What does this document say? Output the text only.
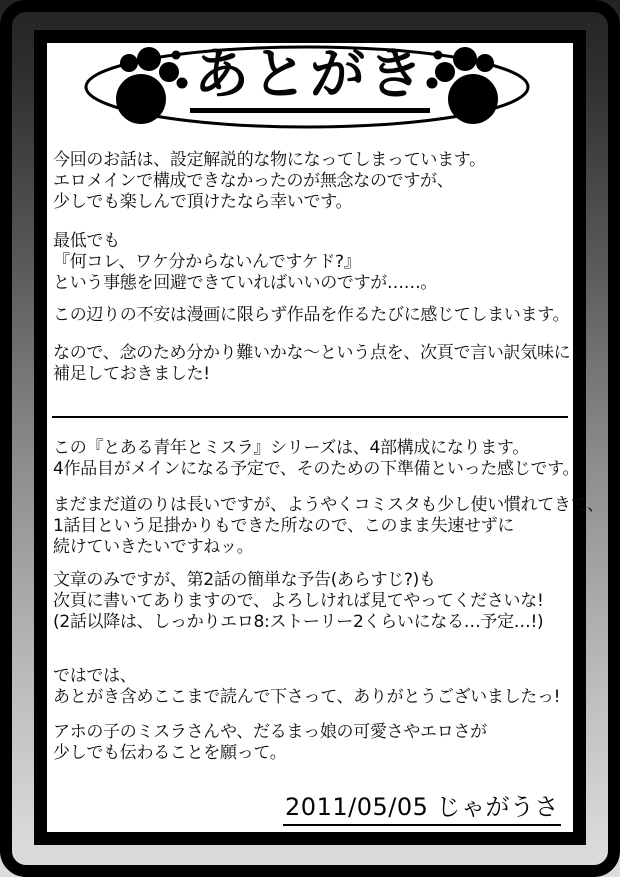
あとがき
今回のお話は、設定解説的な物になってしまっています。
エロメインで構成できなかったのが無念なのですが、
少しでも楽しんで頂けたなら幸いです。
最低でも
『何コレ、ワケ分からないんですケド?』
という事態を回避できていればいいのですが……。
この辺りの不安は漫画に限らず作品を作るたびに感じてしまいます。
なので、念のため分かり難いかな～という点を、次頁で言い訳気味に
補足しておきました!
この『とある青年とミスラ』シリーズは、4部構成になります。
4作品目がメインになる予定で、そのための下準備といった感じです。
まだまだ道のりは長いですが、ようやくコミスタも少し使い慣れてきて、
1話目という足掛かりもできた所なので、このまま失速せずに
続けていきたいですねッ。
文章のみですが、第2話の簡単な予告(あらすじ?)も
次頁に書いてありますので、よろしければ見てやってくださいな!
(2話以降は、しっかりエロ8:ストーリー2くらいになる…予定…!)
ではでは、
あとがき含めここまで読んで下さって、ありがとうございましたっ!
アホの子のミスラさんや、だるまっ娘の可愛さやエロさが
少しでも伝わることを願って。
2011/05/05 じゃがうさ
